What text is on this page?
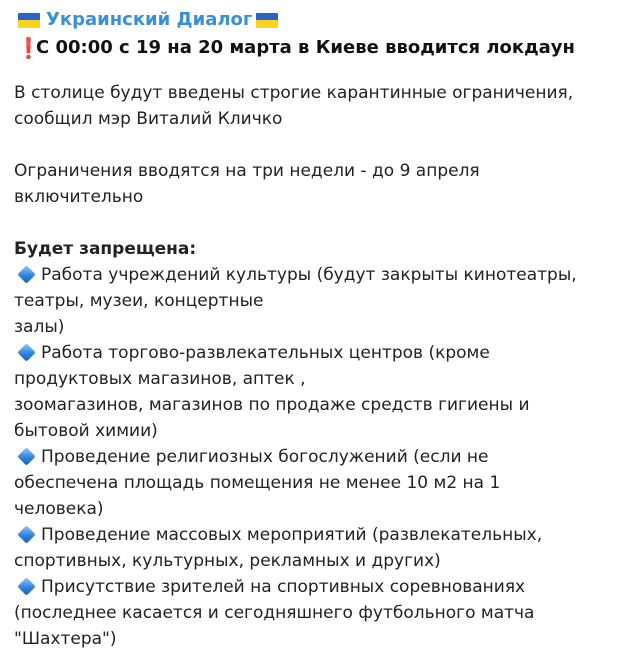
Украинский Диалог
❗
С 00:00 с 19 на 20 марта в Киеве вводится локдаун
В столице будут введены строгие карантинные ограничения,
сообщил мэр Виталий Кличко
Ограничения вводятся на три недели - до 9 апреля
включительно
Будет запрещена:
Работа учреждений культуры (будут закрыты кинотеатры,
театры, музеи, концертные
залы)
Работа торгово-развлекательных центров (кроме
продуктовых магазинов, аптек ,
зоомагазинов, магазинов по продаже средств гигиены и
бытовой химии)
Проведение религиозных богослужений (если не
обеспечена площадь помещения не менее 10 м2 на 1
человека)
Проведение массовых мероприятий (развлекательных,
спортивных, культурных, рекламных и других)
Присутствие зрителей на спортивных соревнованиях
(последнее касается и сегодняшнего футбольного матча
"Шахтера")
